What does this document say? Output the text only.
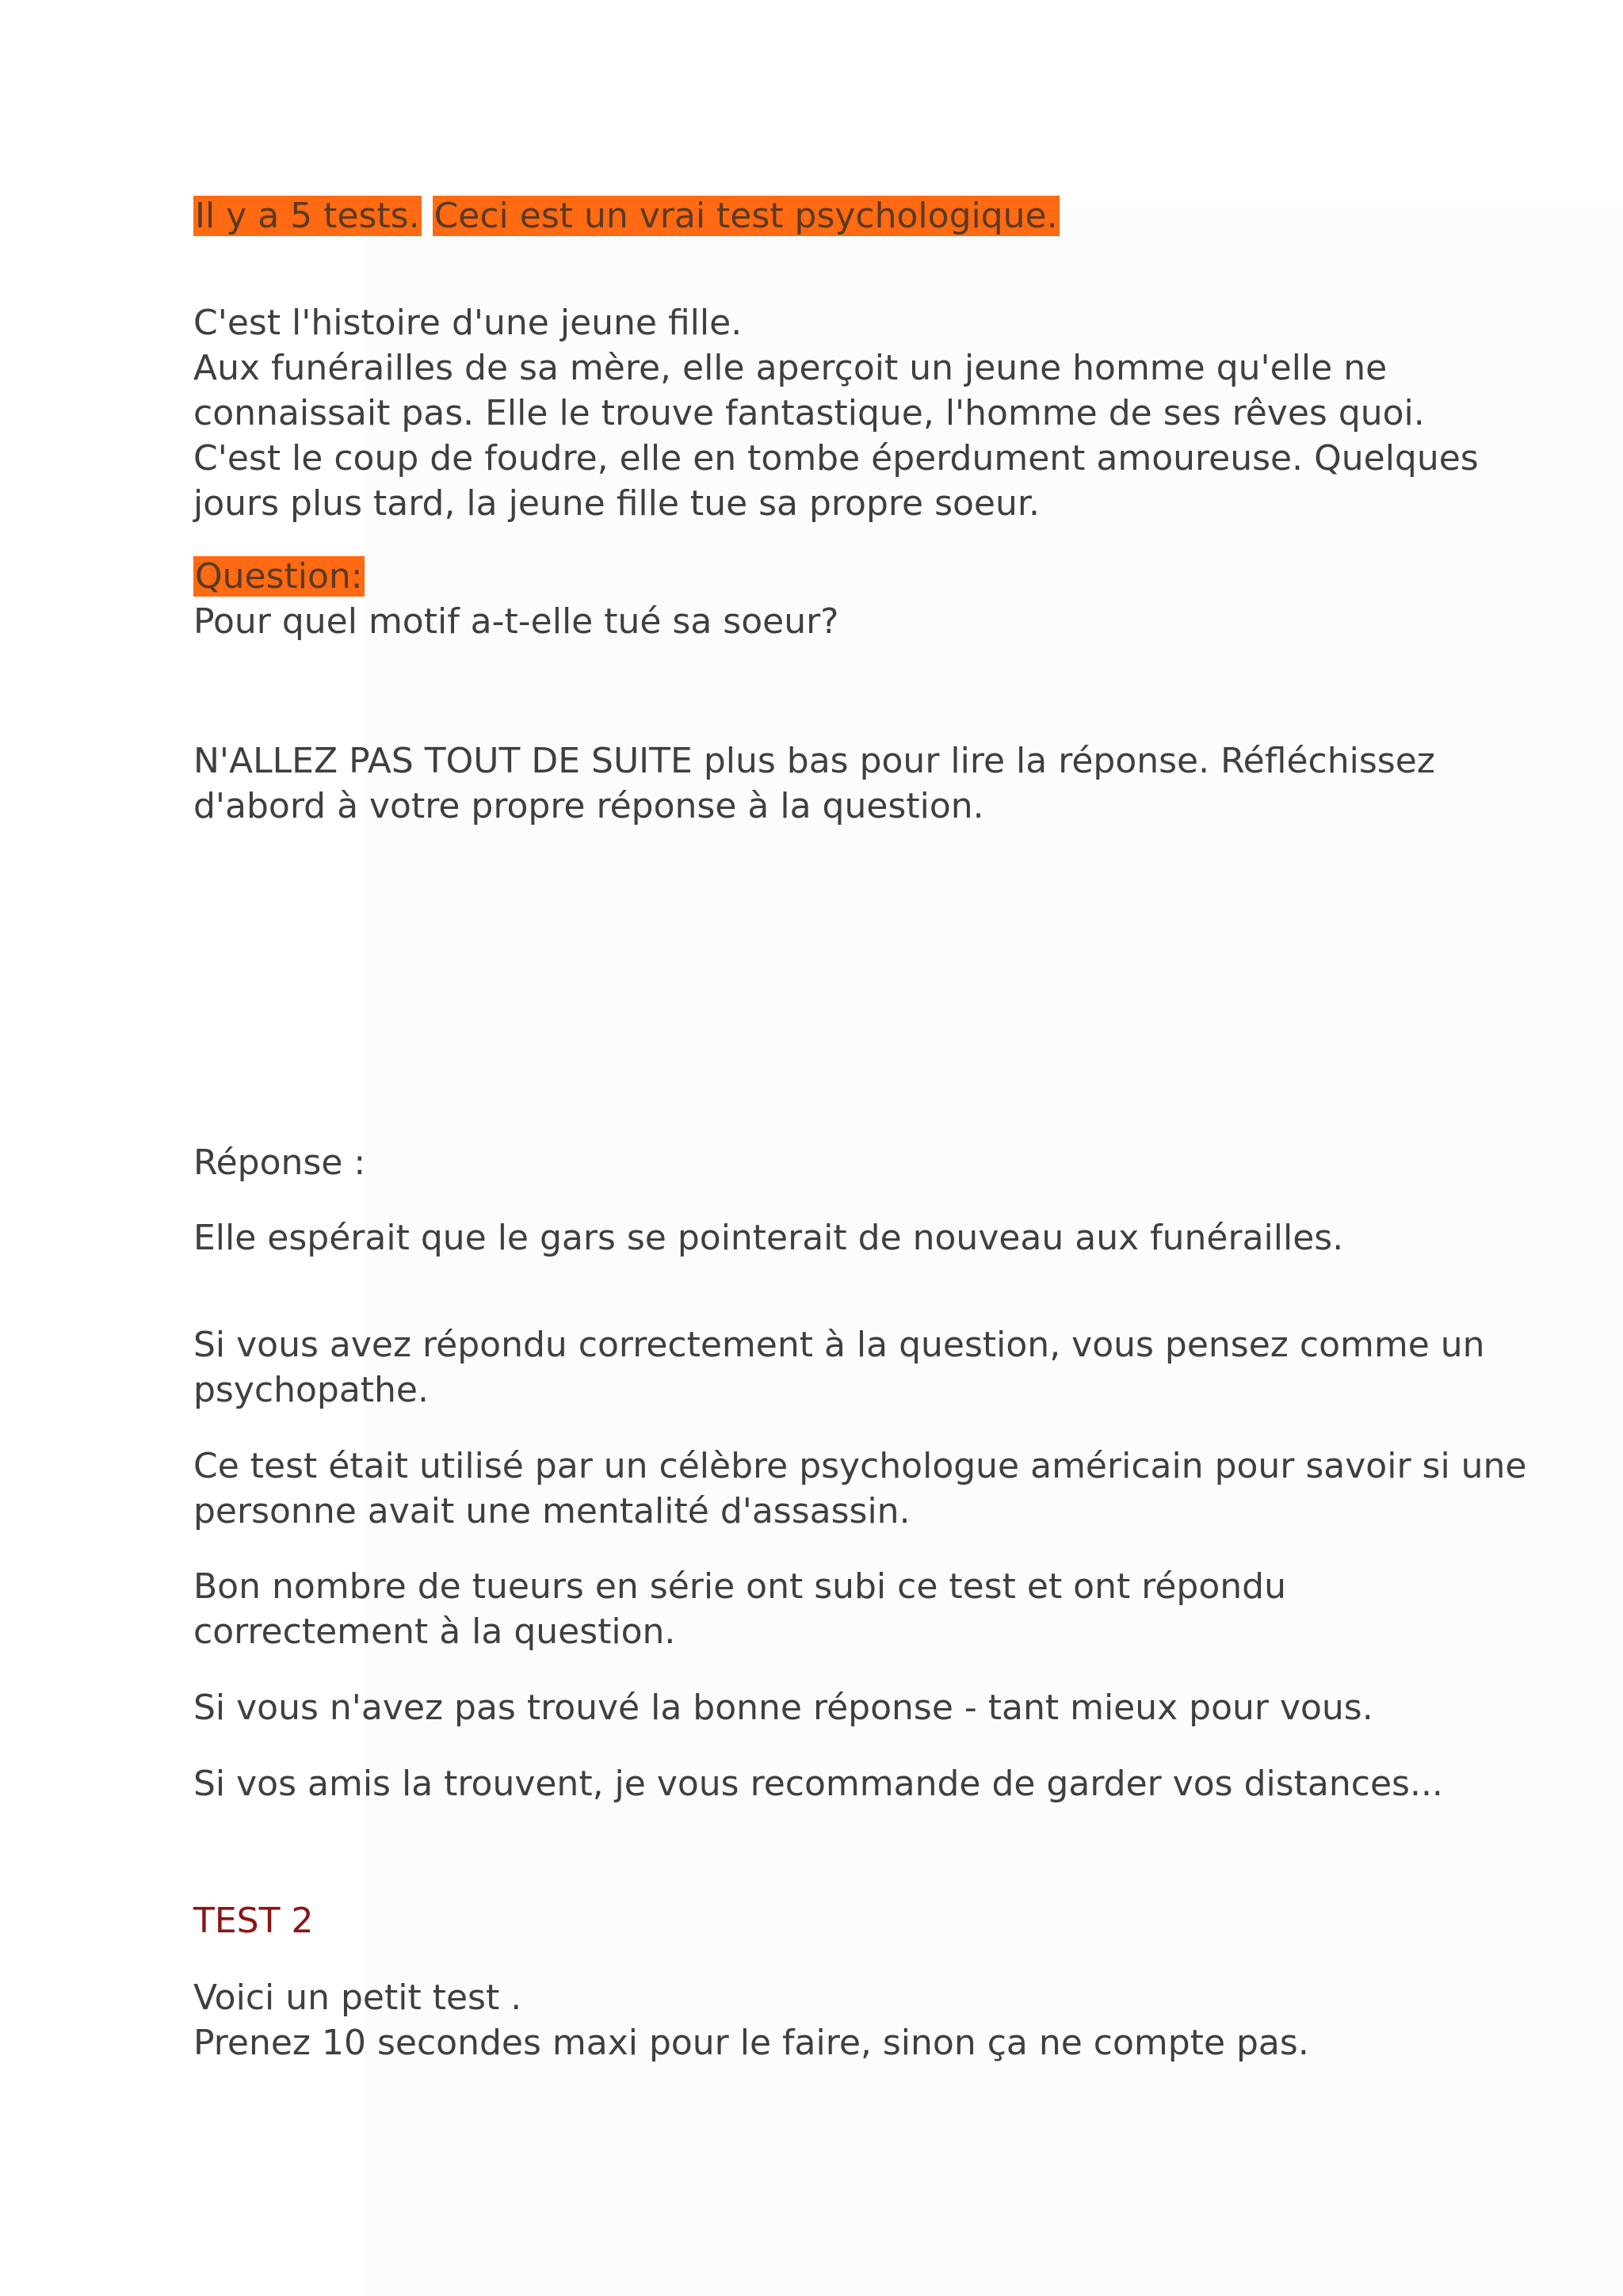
Il y a 5 tests. Ceci est un vrai test psychologique.
C'est l'histoire d'une jeune fille.
Aux funérailles de sa mère, elle aperçoit un jeune homme qu'elle ne
connaissait pas. Elle le trouve fantastique, l'homme de ses rêves quoi.
C'est le coup de foudre, elle en tombe éperdument amoureuse. Quelques
jours plus tard, la jeune fille tue sa propre soeur.
Question:
Pour quel motif a-t-elle tué sa soeur?
N'ALLEZ PAS TOUT DE SUITE plus bas pour lire la réponse. Réfléchissez
d'abord à votre propre réponse à la question.
Réponse :
Elle espérait que le gars se pointerait de nouveau aux funérailles.
Si vous avez répondu correctement à la question, vous pensez comme un
psychopathe.
Ce test était utilisé par un célèbre psychologue américain pour savoir si une
personne avait une mentalité d'assassin.
Bon nombre de tueurs en série ont subi ce test et ont répondu
correctement à la question.
Si vous n'avez pas trouvé la bonne réponse - tant mieux pour vous.
Si vos amis la trouvent, je vous recommande de garder vos distances...
TEST 2
Voici un petit test .
Prenez 10 secondes maxi pour le faire, sinon ça ne compte pas.
